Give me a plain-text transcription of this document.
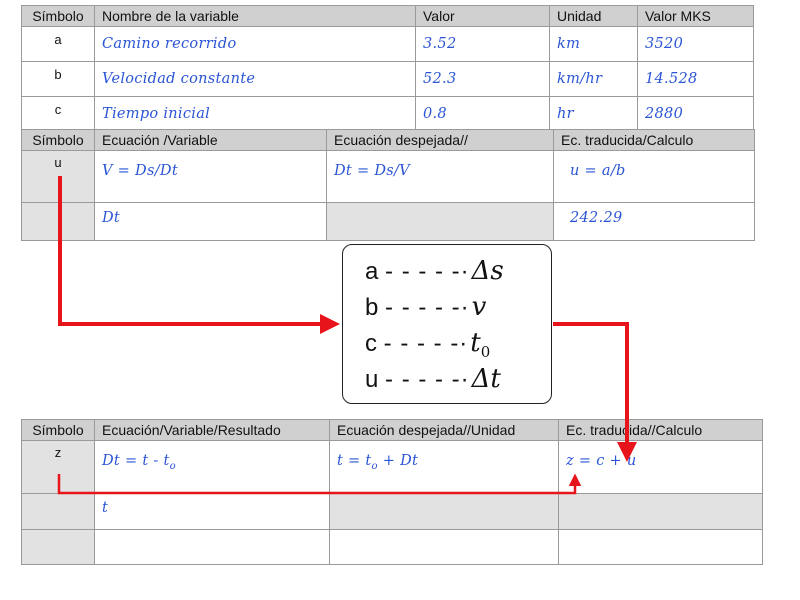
Símbolo	Nombre de la variable	Valor	Unidad	Valor MKS
a	Camino recorrido	3.52	km	3520
b	Velocidad constante	52.3	km/hr	14.528
c	Tiempo inicial	0.8	hr	2880
Símbolo	Ecuación /Variable	Ecuación despejada//	Ec. traducida/Calculo
u	V = Ds/Dt	Dt = Ds/V	u = a/b
	Dt		242.29
a - - - - -·Δs
b - - - - -·v
c - - - - $-\cdot t_0$
u - - - - -·Δt
Símbolo	Ecuación/Variable/Resultado	Ecuación despejada//Unidad	Ec. traducida//Calculo
z	$Dt = t - t_o$	$t = t_o + Dt$	z = c + u
	t		
